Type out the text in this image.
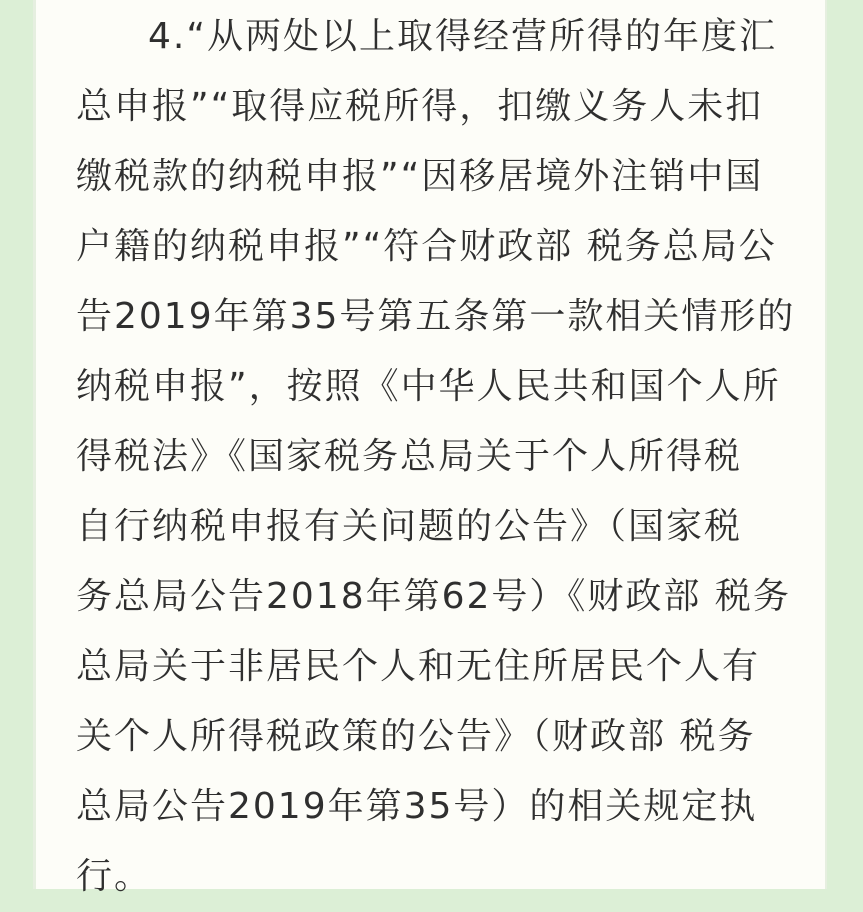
4.“从两处以上取得经营所得的年度汇
总申报”“取得应税所得，扣缴义务人未扣
缴税款的纳税申报”“因移居境外注销中国
户籍的纳税申报”“符合财政部 税务总局公
告2019年第35号第五条第一款相关情形的
纳税申报”，按照《中华人民共和国个人所
得税法》《国家税务总局关于个人所得税
自行纳税申报有关问题的公告》（国家税
务总局公告2018年第62号）《财政部 税务
总局关于非居民个人和无住所居民个人有
关个人所得税政策的公告》（财政部 税务
总局公告2019年第35号）的相关规定执
行。
